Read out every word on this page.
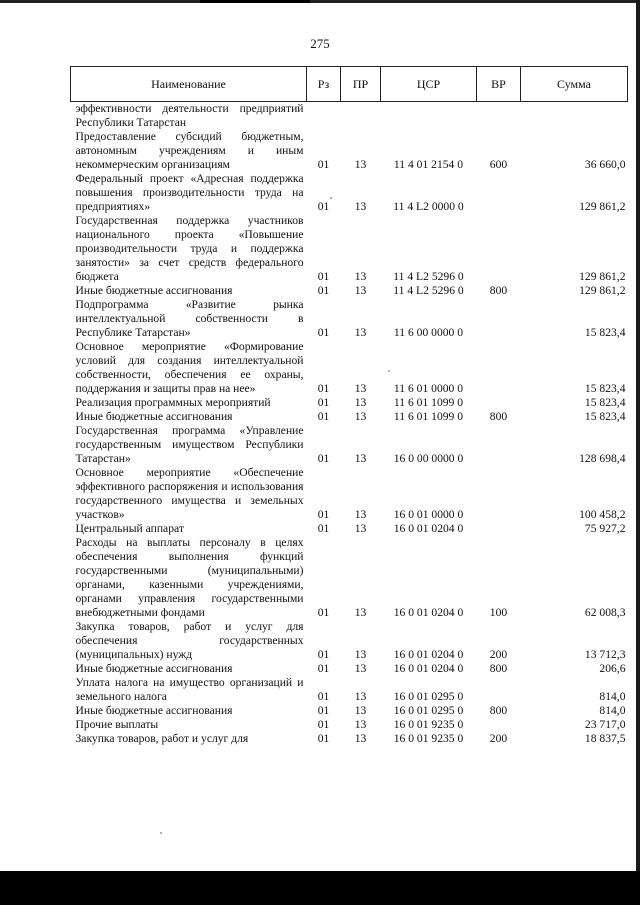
275
Наименование	Рз	ПР	ЦСР	ВР	Сумма
эффективности деятельности предприятий Республики Татарстан					
Предоставление субсидий бюджетным, автономным учреждениям и иным некоммерческим организациям	01	13	11 4 01 2154 0	600	36 660,0
Федеральный проект «Адресная поддержка повышения производительности труда на предприятиях»	01	13	11 4 L2 0000 0		129 861,2
Государственная поддержка участников национального проекта «Повышение производительности труда и поддержка занятости» за счет средств федерального бюджета	01	13	11 4 L2 5296 0		129 861,2
Иные бюджетные ассигнования	01	13	11 4 L2 5296 0	800	129 861,2
Подпрограмма «Развитие рынка интеллектуальной собственности в Республике Татарстан»	01	13	11 6 00 0000 0		15 823,4
Основное мероприятие «Формирование условий для создания интеллектуальной собственности, обеспечения ее охраны, поддержания и защиты прав на нее»	01	13	11 6 01 0000 0		15 823,4
Реализация программных мероприятий	01	13	11 6 01 1099 0		15 823,4
Иные бюджетные ассигнования	01	13	11 6 01 1099 0	800	15 823,4
Государственная программа «Управление государственным имуществом Республики Татарстан»	01	13	16 0 00 0000 0		128 698,4
Основное мероприятие «Обеспечение эффективного распоряжения и использования государственного имущества и земельных участков»	01	13	16 0 01 0000 0		100 458,2
Центральный аппарат	01	13	16 0 01 0204 0		75 927,2
Расходы на выплаты персоналу в целях обеспечения выполнения функций государственными (муниципальными) органами, казенными учреждениями, органами управления государственными внебюджетными фондами	01	13	16 0 01 0204 0	100	62 008,3
Закупка товаров, работ и услуг для обеспечения государственных (муниципальных) нужд	01	13	16 0 01 0204 0	200	13 712,3
Иные бюджетные ассигнования	01	13	16 0 01 0204 0	800	206,6
Уплата налога на имущество организаций и земельного налога	01	13	16 0 01 0295 0		814,0
Иные бюджетные ассигнования	01	13	16 0 01 0295 0	800	814,0
Прочие выплаты	01	13	16 0 01 9235 0		23 717,0
Закупка товаров, работ и услуг для	01	13	16 0 01 9235 0	200	18 837,5
